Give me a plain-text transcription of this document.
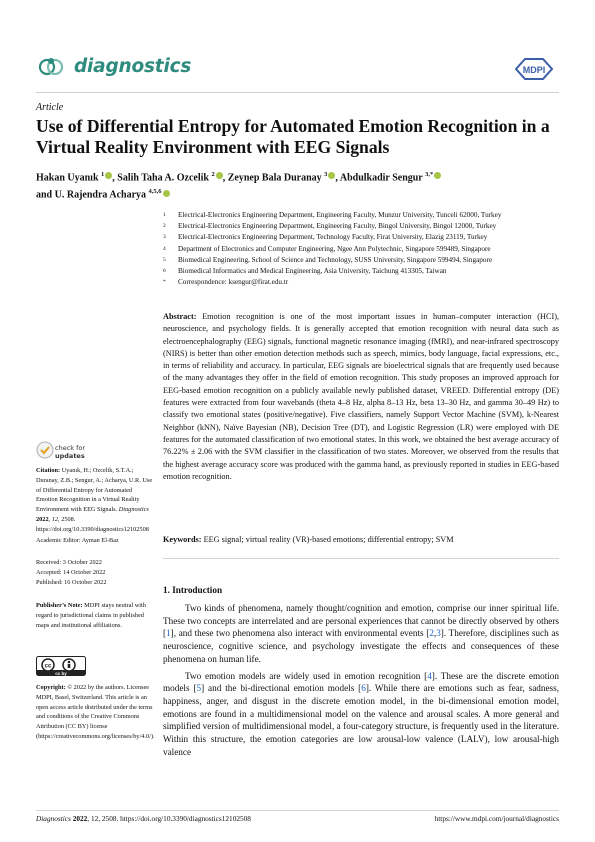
diagnostics	MDPI
Article
Use of Differential Entropy for Automated Emotion Recognition in a Virtual Reality Environment with EEG Signals
Hakan Uyanık $^1$ , Salih Taha A. Ozcelik $^2$ , Zeynep Bala Duranay $^3$ , Abdulkadir Sengur $^{3,*}$
and U. Rajendra Acharya $^{4,5,6}$
1	Electrical-Electronics Engineering Department, Engineering Faculty, Munzur University, Tunceli 62000, Turkey
2	Electrical-Electronics Engineering Department, Engineering Faculty, Bingol University, Bingol 12000, Turkey
3	Electrical-Electronics Engineering Department, Technology Faculty, Firat University, Elazig 23119, Turkey
4	Department of Electronics and Computer Engineering, Ngee Ann Polytechnic, Singapore 599489, Singapore
5	Biomedical Engineering, School of Science and Technology, SUSS University, Singapore 599494, Singapore
6	Biomedical Informatics and Medical Engineering, Asia University, Taichung 413305, Taiwan
*	Correspondence: ksengur@firat.edu.tr
Abstract: Emotion recognition is one of the most important issues in human–computer interaction (HCI), neuroscience, and psychology fields. It is generally accepted that emotion recognition with neural data such as electroencephalography (EEG) signals, functional magnetic resonance imaging (fMRI), and near-infrared spectroscopy (NIRS) is better than other emotion detection methods such as speech, mimics, body language, facial expressions, etc., in terms of reliability and accuracy. In particular, EEG signals are bioelectrical signals that are frequently used because of the many advantages they offer in the field of emotion recognition. This study proposes an improved approach for EEG-based emotion recognition on a publicly available newly published dataset, VREED. Differential entropy (DE) features were extracted from four wavebands (theta 4–8 Hz, alpha 8–13 Hz, beta 13–30 Hz, and gamma 30–49 Hz) to classify two emotional states (positive/negative). Five classifiers, namely Support Vector Machine (SVM), k-Nearest Neighbor (kNN), Naïve Bayesian (NB), Decision Tree (DT), and Logistic Regression (LR) were employed with DE features for the automated classification of two emotional states. In this work, we obtained the best average accuracy of 76.22% ± 2.06 with the SVM classifier in the classification of two states. Moreover, we observed from the results that the highest average accuracy score was produced with the gamma band, as previously reported in studies in EEG-based emotion recognition.
Keywords: EEG signal; virtual reality (VR)-based emotions; differential entropy; SVM
1. Introduction

Two kinds of phenomena, namely thought/cognition and emotion, comprise our inner spiritual life. These two concepts are interrelated and are personal experiences that cannot be directly observed by others [1], and these two phenomena also interact with environmental events [2,3]. Therefore, disciplines such as neuroscience, cognitive science, and psychology investigate the effects and consequences of these phenomena on human life.

Two emotion models are widely used in emotion recognition [4]. These are the discrete emotion models [5] and the bi-directional emotion models [6]. While there are emotions such as fear, sadness, happiness, anger, and disgust in the discrete emotion model, in the bi-dimensional emotion model, emotions are found in a multidimensional model on the valence and arousal scales. A more general and simplified version of multidimensional model, a four-category structure, is frequently used in the literature. Within this structure, the emotion categories are low arousal-low valence (LALV), low arousal-high valence

check for
updates
Citation: Uyanık, H.; Ozcelik, S.T.A.; Duranay, Z.B.; Sengur, A.; Acharya, U.R. Use of Differential Entropy for Automated Emotion Recognition in a Virtual Reality Environment with EEG Signals. Diagnostics 2022, 12, 2508. https://doi.org/10.3390/diagnostics12102508
Academic Editor: Ayman El-Baz
Received: 3 October 2022
Accepted: 14 October 2022
Published: 16 October 2022
Publisher’s Note: MDPI stays neutral with regard to jurisdictional claims in published maps and institutional affiliations.
cc
cc by
Copyright: © 2022 by the authors. Licensee MDPI, Basel, Switzerland. This article is an open access article distributed under the terms and conditions of the Creative Commons Attribution (CC BY) license (https://creativecommons.org/licenses/by/4.0/).
Diagnostics 2022, 12, 2508. https://doi.org/10.3390/diagnostics12102508	https://www.mdpi.com/journal/diagnostics
